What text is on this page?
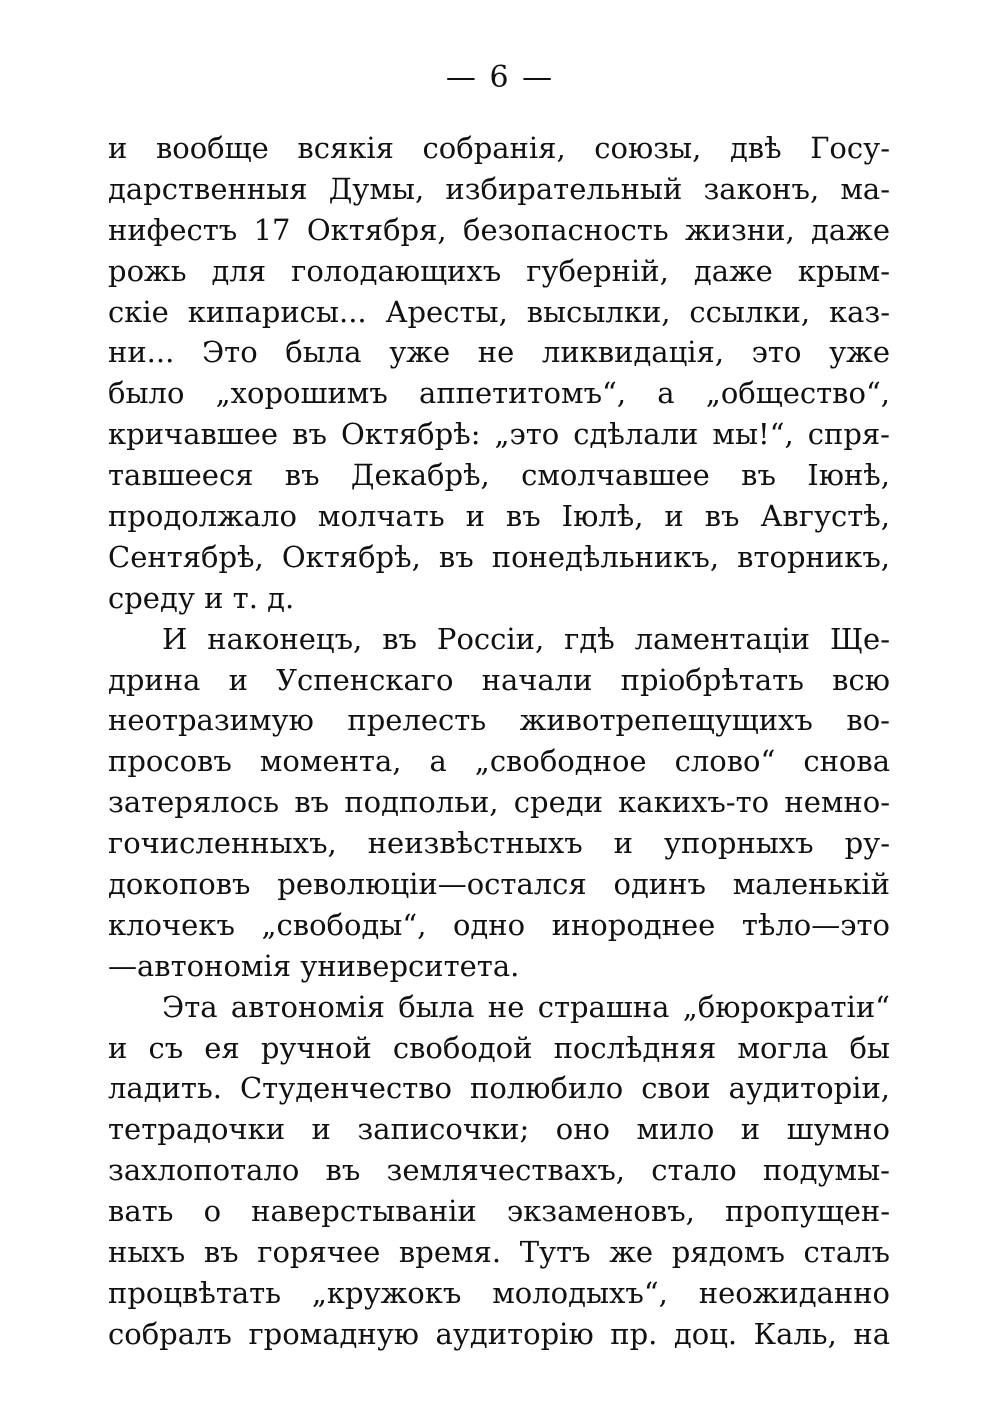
— 6 —
и вообще всякія собранія, союзы, двѣ Госу-
дарственныя Думы, избирательный законъ, ма-
нифестъ 17 Октября, безопасность жизни, даже
рожь для голодающихъ губерній, даже крым-
скіе кипарисы... Аресты, высылки, ссылки, каз-
ни... Это была уже не ликвидація, это уже
было „хорошимъ аппетитомъ“, а „общество“,
кричавшее въ Октябрѣ: „это сдѣлали мы!“, спря-
тавшееся въ Декабрѣ, смолчавшее въ Іюнѣ,
продолжало молчать и въ Іюлѣ, и въ Августѣ,
Сентябрѣ, Октябрѣ, въ понедѣльникъ, вторникъ,
среду и т. д.
И наконецъ, въ Россіи, гдѣ ламентаціи Ще-
дрина и Успенскаго начали пріобрѣтать всю
неотразимую прелесть животрепещущихъ во-
просовъ момента, а „свободное слово“ снова
затерялось въ подпольи, среди какихъ-то немно-
гочисленныхъ, неизвѣстныхъ и упорныхъ ру-
докоповъ революціи—остался одинъ маленькій
клочекъ „свободы“, одно инороднее тѣло—это
—автономія университета.
Эта автономія была не страшна „бюрократіи“
и съ ея ручной свободой послѣдняя могла бы
ладить. Студенчество полюбило свои аудиторіи,
тетрадочки и записочки; оно мило и шумно
захлопотало въ землячествахъ, стало подумы-
вать о наверстываніи экзаменовъ, пропущен-
ныхъ въ горячее время. Тутъ же рядомъ сталъ
процвѣтать „кружокъ молодыхъ“, неожиданно
собралъ громадную аудиторію пр. доц. Каль, на
